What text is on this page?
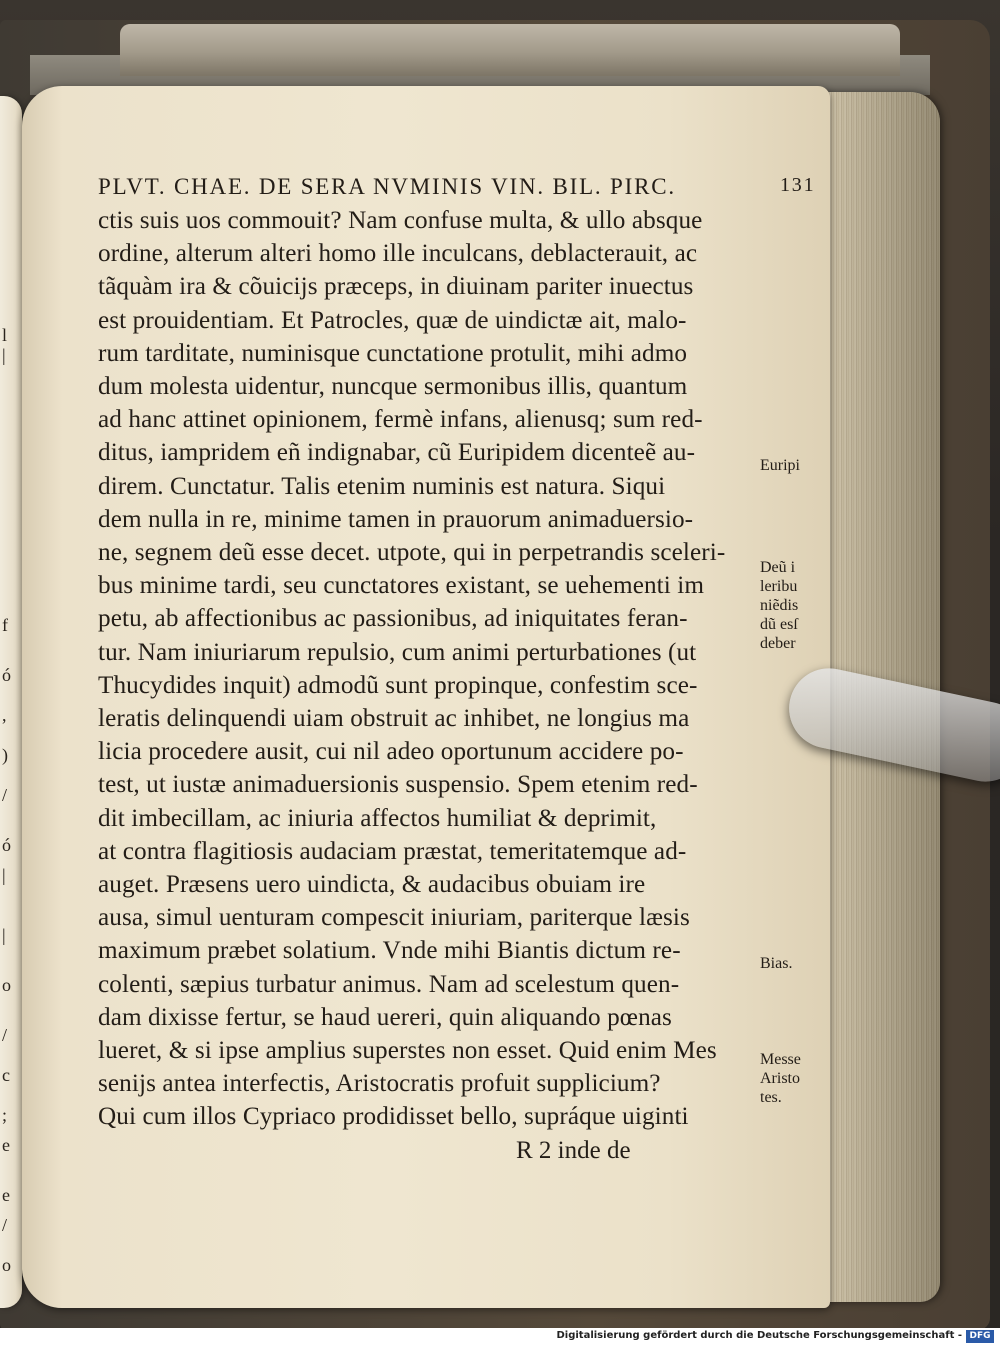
l
|
f
ó
,
)
/
ó
|
|
o
/
c
;
e
e
/
o
PLVT. CHAE. DE SERA NVMINIS VIN. BIL. PIRC.	131
ctis suis uos commouit? Nam confuse multa, & ullo absque
ordine, alterum alteri homo ille inculcans, deblacterauit, ac
tãquàm ira & cõuicijs præceps, in diuinam pariter inuectus
est prouidentiam. Et Patrocles, quæ de uindictæ ait, malo-
rum tarditate, numinisque cunctatione protulit, mihi admo
dum molesta uidentur, nuncque sermonibus illis, quantum
ad hanc attinet opinionem, fermè infans, alienusq; sum red-
ditus, iampridem eñ indignabar, cũ Euripidem dicenteẽ au-
direm. Cunctatur. Talis etenim numinis est natura. Siqui
dem nulla in re, minime tamen in prauorum animaduersio-
ne, segnem deũ esse decet. utpote, qui in perpetrandis sceleri-
bus minime tardi, seu cunctatores existant, se uehementi im
petu, ab affectionibus ac passionibus, ad iniquitates feran-
tur. Nam iniuriarum repulsio, cum animi perturbationes (ut
Thucydides inquit) admodũ sunt propinque, confestim sce-
leratis delinquendi uiam obstruit ac inhibet, ne longius ma
licia procedere ausit, cui nil adeo oportunum accidere po-
test, ut iustæ animaduersionis suspensio. Spem etenim red-
dit imbecillam, ac iniuria affectos humiliat & deprimit,
at contra flagitiosis audaciam præstat, temeritatemque ad-
auget. Præsens uero uindicta, & audacibus obuiam ire
ausa, simul uenturam compescit iniuriam, pariterque læsis
maximum præbet solatium. Vnde mihi Biantis dictum re-
colenti, sæpius turbatur animus. Nam ad scelestum quen-
dam dixisse fertur, se haud uereri, quin aliquando pœnas
lueret, & si ipse amplius superstes non esset. Quid enim Mes
senijs antea interfectis, Aristocratis profuit supplicium?
Qui cum illos Cypriaco prodidisset bello, supráque uiginti
R 2 inde de
Euripi
Deũ i
leribu
niẽdis
dũ esſ
deber
Bias.
Messe
Aristo
tes.
Digitalisierung gefördert durch die Deutsche Forschungsgemeinschaft - DFG
